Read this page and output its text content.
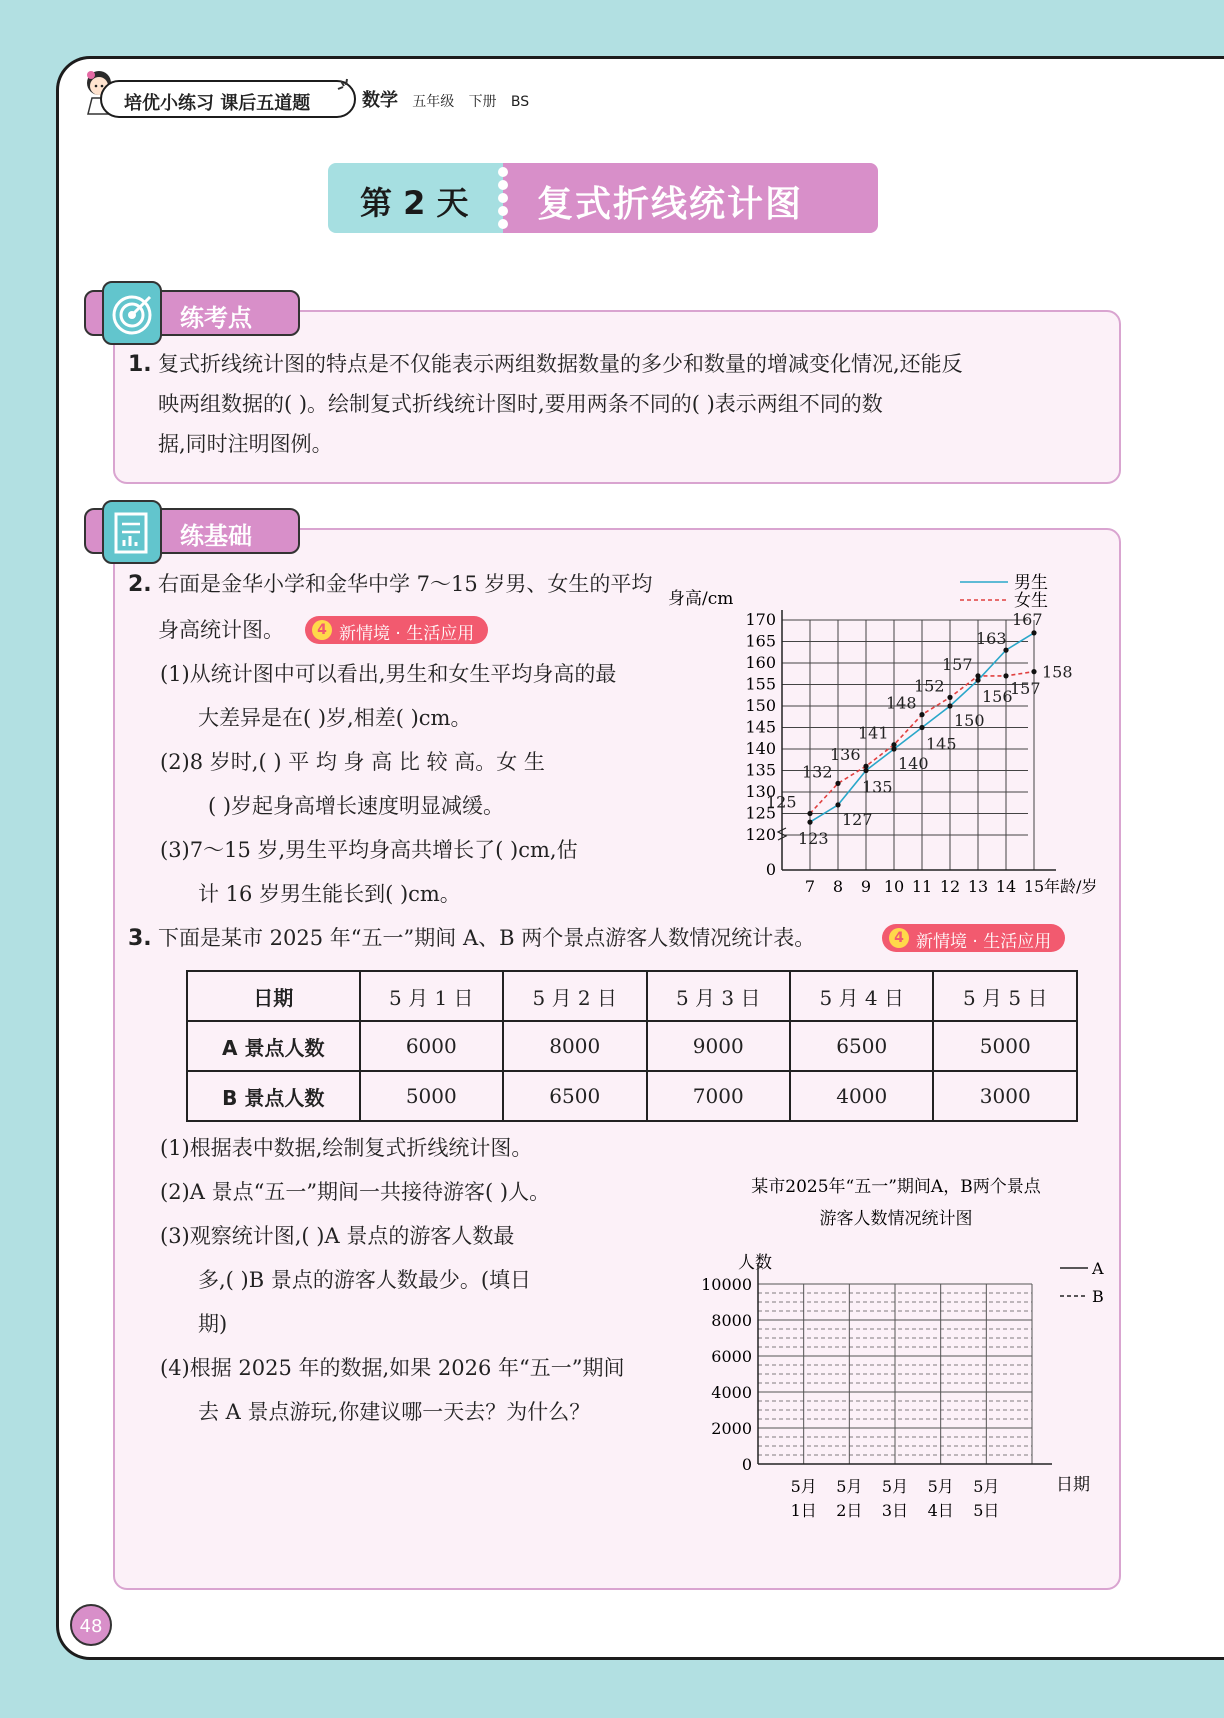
培优小练习 课后五道题	数学 五年级 下册 BS
第 2 天 复式折线统计图
练考点
1. 复式折线统计图的特点是不仅能表示两组数据数量的多少和数量的增减变化情况,还能反
映两组数据的( )。绘制复式折线统计图时,要用两条不同的( )表示两组不同的数
据,同时注明图例。
练基础
2. 右面是金华小学和金华中学 7～15 岁男、女生的平均
身高统计图。	4 新情境 · 生活应用
(1)从统计图中可以看出,男生和女生平均身高的最
大差异是在( )岁,相差( )cm。
(2)8 岁时,( ) 平 均 身 高 比 较 高。女 生
( )岁起身高增长速度明显减缓。
(3)7～15 岁,男生平均身高共增长了( )cm,估
计 16 岁男生能长到( )cm。
0
120
125
130
135
140
145
150
155
160
165
170
7 8 9 10 11 12 13 14 15
身高/cm
年龄/岁
男生
女生
123
127
135
140
145
150
156
163
167
125
132
136
141
148
152
157
157
158
3. 下面是某市 2025 年“五一”期间 A、B 两个景点游客人数情况统计表。	4 新情境 · 生活应用
日期	5 月 1 日	5 月 2 日	5 月 3 日	5 月 4 日	5 月 5 日
A 景点人数	6000	8000	9000	6500	5000
B 景点人数	5000	6500	7000	4000	3000
(1)根据表中数据,绘制复式折线统计图。
(2)A 景点“五一”期间一共接待游客( )人。
(3)观察统计图,( )A 景点的游客人数最
多,( )B 景点的游客人数最少。(填日
期)
(4)根据 2025 年的数据,如果 2026 年“五一”期间
去 A 景点游玩,你建议哪一天去？为什么？
某市2025年“五一”期间A，B两个景点
游客人数情况统计图
人数
0
2000
4000
6000
8000
10000
5月
1日
5月
2日
5月
3日
5月
4日
5月
5日
日期
A
B
48
